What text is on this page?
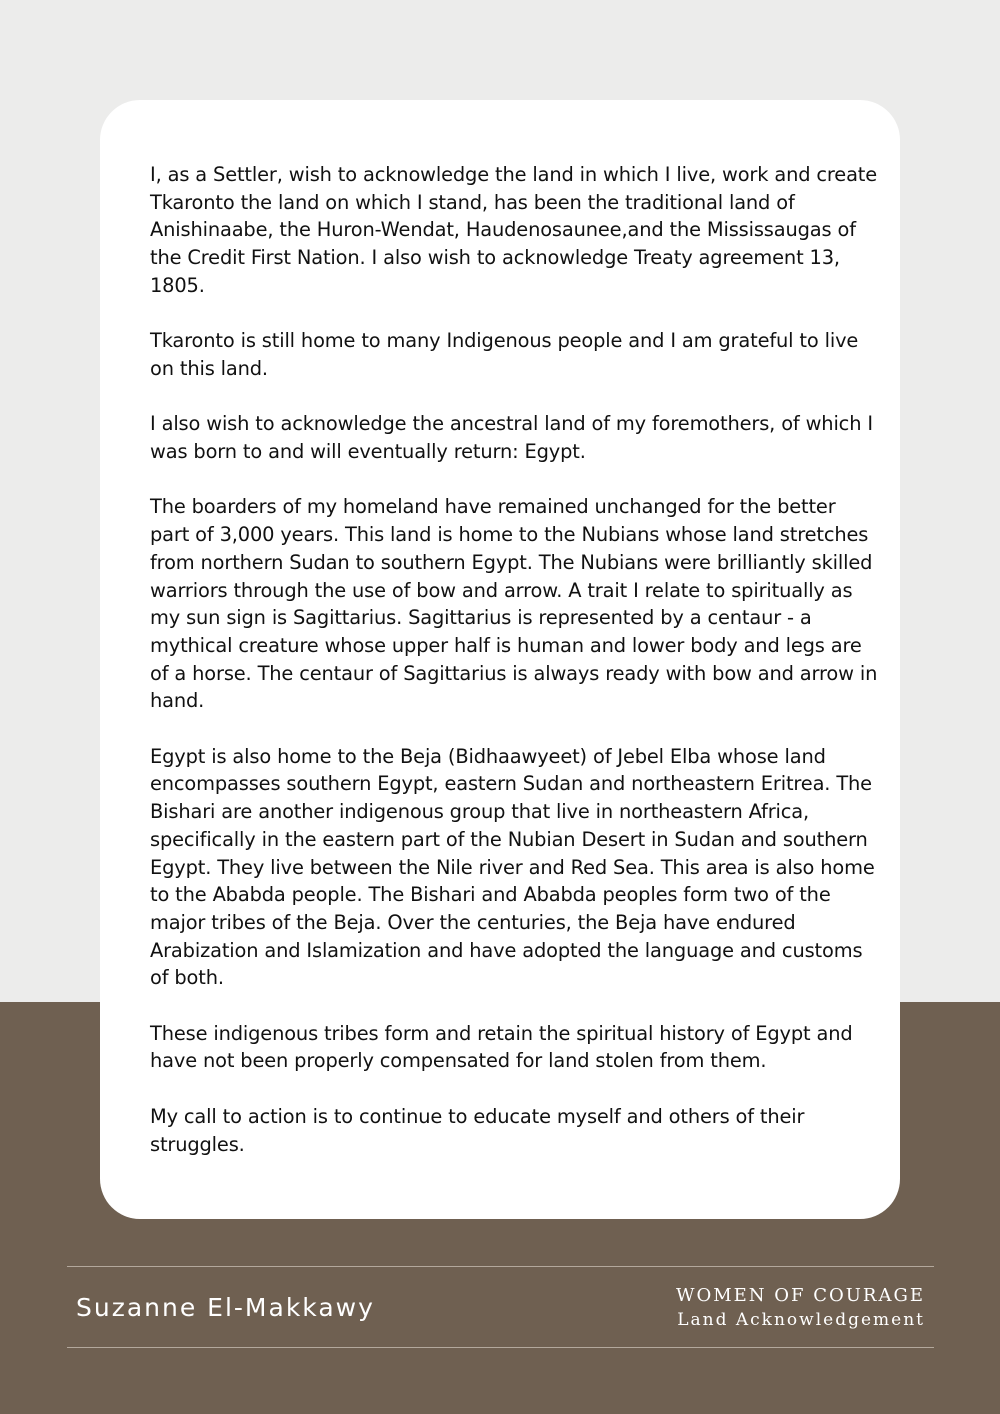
I, as a Settler, wish to acknowledge the land in which I live, work and create Tkaronto the land on which I stand, has been the traditional land of Anishinaabe, the Huron-Wendat, Haudenosaunee,and the Mississaugas of the Credit First Nation. I also wish to acknowledge Treaty agreement 13, 1805.

Tkaronto is still home to many Indigenous people and I am grateful to live on this land.

I also wish to acknowledge the ancestral land of my foremothers, of which I was born to and will eventually return: Egypt.

The boarders of my homeland have remained unchanged for the better part of 3,000 years. This land is home to the Nubians whose land stretches from northern Sudan to southern Egypt. The Nubians were brilliantly skilled warriors through the use of bow and arrow. A trait I relate to spiritually as my sun sign is Sagittarius. Sagittarius is represented by a centaur - a mythical creature whose upper half is human and lower body and legs are of a horse. The centaur of Sagittarius is always ready with bow and arrow in hand.

Egypt is also home to the Beja (Bidhaawyeet) of Jebel Elba whose land encompasses southern Egypt, eastern Sudan and northeastern Eritrea. The Bishari are another indigenous group that live in northeastern Africa, specifically in the eastern part of the Nubian Desert in Sudan and southern Egypt. They live between the Nile river and Red Sea. This area is also home to the Ababda people. The Bishari and Ababda peoples form two of the major tribes of the Beja. Over the centuries, the Beja have endured Arabization and Islamization and have adopted the language and customs of both.

These indigenous tribes form and retain the spiritual history of Egypt and have not been properly compensated for land stolen from them.

My call to action is to continue to educate myself and others of their struggles.

Suzanne El-Makkawy	WOMEN OF COURAGE
Land Acknowledgement
